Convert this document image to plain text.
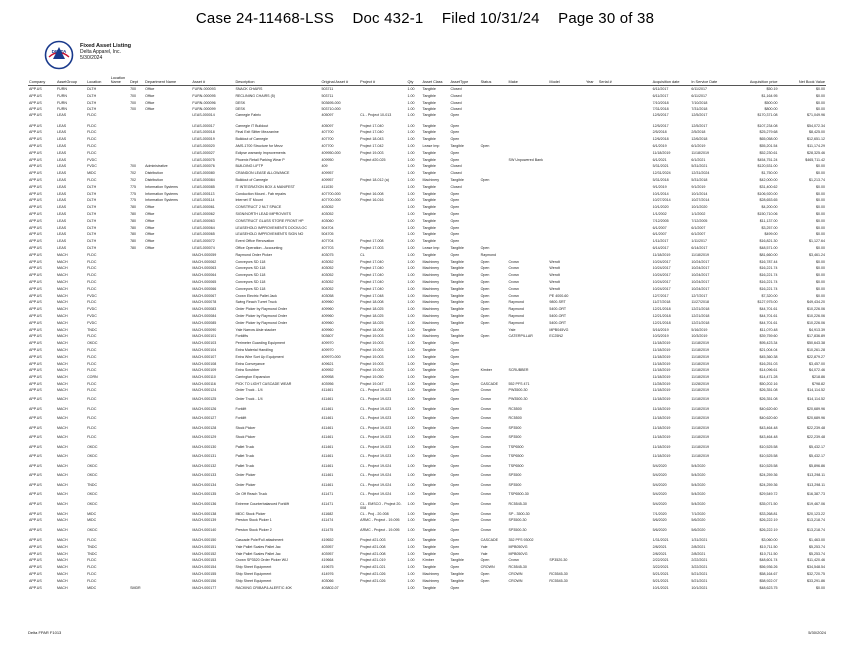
Case 24-11468-LSS Doc 432-1 Filed 10/31/24 Page 30 of 38
DELTA
Fixed Asset Listing
Delta Apparel, Inc.
5/30/2024
Company	AssetGroup	Location	Location Name	Dept	Department Name	Asset #	Description	Original Asset #	Project #	Qty	Asset Class	AssetType	Status	Make	Model	Year	Serial #	Acquisition date	In Service Date	Acquisition price	Net Book Value
APP.US	FURN	DLTH		700	Office	FURN-000093	SNACK CHAIRS	503711		1.00	Tangible	Closed						6/11/2017	6/11/2017	$50.19	$0.00
APP.US	FURN	DLTH		700	Office	FURN-000095	RECLINING CHAIRS (5)	503711		1.00	Tangible	Closed						6/11/2017	6/11/2017	$1,164.95	$0.00
APP.US	FURN	DLTH		700	Office	FURN-000096	DESK	503695-000		1.00	Tangible	Closed						7/10/2018	7/10/2018	$500.00	$0.00
APP.US	FURN	DLTH		700	Office	FURN-000099	DESK	503710-000		1.00	Tangible	Closed						7/31/2018	7/31/2018	$800.00	$0.00
APP.US	LEAS	FLDC				LEAS-000014	Carnegie Fabric	405097	CL - Project 10-013	1.00	Tangible	Open						12/5/2017	12/5/2017	$170,371.08	$71,049.96
APP.US	LEAS	FLDC				LEAS-000017	Carnegie IT Buildout	405097	Project 17-040	1.00	Tangible	Open						12/5/2017	12/5/2017	$107,234.08	$54,072.34
APP.US	LEAS	FLDC				LEAS-000018	Final Exit Slitter Mezzanine	407700	Project 17-040	1.00	Tangible	Open						2/5/2018	2/5/2018	$25,279.68	$8,425.00
APP.US	LEAS	FLDC				LEAS-000019	Buildout of Carnegie	407700	Project 18-043	1.00	Tangible	Open						12/6/2018	12/6/2018	$65,058.00	$12,651.12
APP.US	LEAS	FLDC				LEAS-000020	AMS-1700 Structure for Mezz	407700	Project 17-042	1.00	Lease Imp	Tangible	Open					6/1/2019	6/1/2019	$55,201.54	$11,174.29
APP.US	LEAS	FLDC				LEAS-000027	Eclipse warranty Improvements	409950-000	Project 19-003	1.00	Tangible	Open						11/18/2019	11/18/2019	$52,230.61	$28,325.46
APP.US	LEAS	FVDC				LEAS-000075	Phoenix Retail Parking Wear P	409950	Project #20-025	1.00	Tangible	Open		SW Unpowered Bank				6/1/2021	6/1/2021	$454,751.24	$465,711.42
APP.US	LEAS	FVDC		700	Administrative	LEAS-000076	BUILDING LIFTP	409		1.00	Tangible	Closed						5/31/2021	5/31/2021	$120,531.00	$0.00
APP.US	LEAS	MIDC		702	Distribution	LEAS-000080	CRANDON LEASE ALLOWANCE	409957		1.00	Tangible	Closed						12/31/2024	12/31/2024	$1,750.00	$0.00
APP.US	LEAS	FLDC		702	Distribution	LEAS-000084	Buildout of Carnegie	409957	Project 18-012 (a)	1.00	Machinery	Tangible	Open					5/31/2018	5/31/2018	$42,000.00	$1,213.74
APP.US	LEAS	DLTH		775	Information Systems	LEAS-000085	IT INTEGRATION BOX & MANIFEST	411030		1.00	Tangible	Closed						9/1/2019	9/1/2019	$31,400.62	$0.00
APP.US	LEAS	DLTH		775	Information Systems	LEAS-000113	Conduction Mount - Fab repairs	407700-000	Project 16-008	1.00	Tangible	Open						10/1/2014	10/1/2014	$106,920.00	$0.00
APP.US	LEAS	DLTH		775	Information Systems	LEAS-000114	Internet IT Mount	407700-000	Project 16-016	1.00	Tangible	Open						10/27/2014	10/27/2014	$28,653.65	$0.00
APP.US	LEAS	DLTH		780	Office	LEAS-000061	CONSTRUCT 2 NLT SPACE	403052		1.00	Tangible	Open						10/1/2020	10/1/2020	$4,200.00	$0.00
APP.US	LEAS	DLTH		780	Office	LEAS-000062	SIGN/NORTH LEAD IMPROVMTS	403052		1.00	Tangible	Open						1/1/2002	1/1/2002	$150,710.06	$0.00
APP.US	LEAS	DLTH		780	Office	LEAS-000063	CONSTRUCT GLASS STORE FRONT HP	403060		1.00	Tangible	Open						7/12/2005	7/12/2005	$11,137.00	$0.00
APP.US	LEAS	DLTH		780	Office	LEAS-000064	LEASEHOLD IMPROVEMENTS DOCK/LOC	504704		1.00	Tangible	Open						6/1/2007	6/1/2007	$3,257.00	$0.00
APP.US	LEAS	DLTH		780	Office	LEAS-000065	LEASEHOLD IMPROVEMENTS SIGN NO	504705		1.00	Tangible	Open						6/1/2007	6/1/2007	$499.00	$0.00
APP.US	LEAS	DLTH		780	Office	LEAS-000072	Event Office Renovation	407704	Project 17-008	1.00	Tangible	Open						1/11/2017	1/11/2017	$16,821.30	$1,127.64
APP.US	LEAS	DLTH		780	Office	LEAS-000074	Office Operation - Accounting	407703	Project 17-003	1.00	Lease Imp	Tangible	Open					6/14/2017	6/14/2017	$48,571.00	$0.00
APP.US	MACH	FLDC				MACH-000059	Raymond Order Picker	403075	CL	1.00	Tangible	Open	Raymond					11/18/2019	11/18/2019	$81,660.00	$3,461.24
APP.US	MACH	FLDC				MACH-000062	Conveyors SD 118	403052	Project 17-040	1.00	Machinery	Tangible	Open	Crown	Wendt			10/24/2017	10/24/2017	$16,787.44	$0.00
APP.US	MACH	FLDC				MACH-000063	Conveyors SD 118	403052	Project 17-040	1.00	Machinery	Tangible	Open	Crown	Wendt			10/24/2017	10/24/2017	$16,221.74	$0.00
APP.US	MACH	FLDC				MACH-000064	Conveyors SD 118	403052	Project 17-040	1.00	Machinery	Tangible	Open	Crown	Wendt			10/24/2017	10/24/2017	$16,221.74	$0.00
APP.US	MACH	FLDC				MACH-000065	Conveyors SD 118	403052	Project 17-040	1.00	Machinery	Tangible	Open	Crown	Wendt			10/24/2017	10/24/2017	$16,221.74	$0.00
APP.US	MACH	FLDC				MACH-000066	Conveyors SD 118	403052	Project 17-040	1.00	Machinery	Tangible	Open	Crown	Wendt			10/24/2017	10/24/2017	$16,221.74	$0.00
APP.US	MACH	FVDC				MACH-000067	Crown Electric Pallet Jack	403058	Project 17-048	1.00	Machinery	Tangible	Open	Crown	PE 4000-60			12/7/2017	12/7/2017	$7,320.00	$0.00
APP.US	MACH	FLDC				MACH-000078	Swing Reach Turret Truck	409960	Project 18-008	1.00	Machinery	Tangible	Open	Raymond	9800-SRT			11/27/2018	11/27/2018	$127,975.00	$49,434.20
APP.US	MACH	FVDC				MACH-000083	Order Picker by Raymond Order	409960	Project 18-025	1.00	Machinery	Tangible	Open	Raymond	5400-ORT			12/21/2018	12/21/2018	$44,701.61	$10,226.06
APP.US	MACH	FVDC				MACH-000084	Order Picker by Raymond Order	409960	Project 18-025	1.00	Machinery	Tangible	Open	Raymond	5400-ORT			12/21/2018	12/21/2018	$44,701.61	$10,226.06
APP.US	MACH	FVDC				MACH-000085	Order Picker by Raymond Order	409960	Project 18-025	1.00	Machinery	Tangible	Open	Raymond	5400-ORT			12/21/2018	12/21/2018	$44,701.61	$10,226.06
APP.US	MACH	TNDC				MACH-000090	Yale Narrow Aisle stacker	409960	Project 18-008	1.00	Tangible	Open		Yale	MPB045VG			5/16/2019	5/16/2019	$11,070.48	$4,913.39
APP.US	MACH	FLDC				MACH-000101	Forklifts	503607	Project 19-003	1.00	Machinery	Tangible	Open	CATERPILLAR	EC25N2			10/3/2019	10/3/2019	$39,759.60	$17,836.89
APP.US	MACH	OKDC				MACH-000103	Perimeter Guarding Equipment	409970	Project 19-003	1.00	Tangible	Open						11/18/2019	11/18/2019	$95,423.34	$50,643.38
APP.US	MACH	FLDC				MACH-000104	Extra Material Handling	409970	Project 19-003	1.00	Tangible	Open						11/18/2019	11/18/2019	$21,004.04	$10,261.28
APP.US	MACH	FLDC				MACH-000107	Extra Wire Sort Up Equipment	409970-000	Project 19-003	1.00	Tangible	Open						11/18/2019	11/18/2019	$45,360.38	$22,879.27
APP.US	MACH	FLDC				MACH-000108	Extra Conveyance	409621	Project 19-003	1.00	Tangible	Open						11/18/2019	11/18/2019	$16,251.03	$3,457.00
APP.US	MACH	FLDC				MACH-000109	Extra Scrubber	409952	Project 19-003	1.00	Tangible	Open	Kimber	SCRUBBER				11/18/2019	11/18/2019	$14,096.61	$4,072.46
APP.US	MACH	CORN				MACH-000110	Carrington Expansion	409958	Project 19-050	1.00	Tangible	Open						11/18/2019	11/18/2019	$14,471.28	$218.86
APP.US	MACH	FLDC				MACH-000116	PICK TO LIGHT CASCADE WEAR	403956	Project 19-047	1.00	Tangible	Open	CASCADE	552 PFS 471				11/28/2019	11/28/2019	$50,202.16	$798.82
APP.US	MACH	FLDC				MACH-000124	Order Truck - 1/4	411461	CL - Project 19-023	1.00	Tangible	Open	Crown	PW3500-30				11/18/2019	11/18/2019	$26,351.08	$14,114.52
APP.US	MACH	FLDC				MACH-000125	Order Truck - 1/4	411461	CL - Project 19-023	1.00	Tangible	Open	Crown	PW3500-30				11/18/2019	11/18/2019	$26,351.08	$14,114.52
APP.US	MACH	FLDC				MACH-000126	Forklift	411461	CL - Project 19-023	1.00	Tangible	Open	Crown	RC5500				11/18/2019	11/18/2019	$40,620.60	$20,689.96
APP.US	MACH	FLDC				MACH-000127	Forklift	411461	CL - Project 19-023	1.00	Tangible	Open	Crown	RC5500				11/18/2019	11/18/2019	$40,620.60	$20,689.96
APP.US	MACH	FLDC				MACH-000128	Stock Picker	411461	CL - Project 19-023	1.00	Tangible	Open	Crown	SP3500				11/18/2019	11/18/2019	$43,464.48	$22,239.48
APP.US	MACH	FLDC				MACH-000129	Stock Picker	411461	CL - Project 19-023	1.00	Tangible	Open	Crown	SP3500				11/18/2019	11/18/2019	$43,464.48	$22,239.48
APP.US	MACH	OKDC				MACH-000130	Pallet Truck	411461	CL - Project 19-023	1.00	Tangible	Open	Crown	TSP6500				11/18/2019	11/18/2019	$10,525.58	$5,432.17
APP.US	MACH	OKDC				MACH-000131	Pallet Truck	411461	CL - Project 19-023	1.00	Tangible	Open	Crown	TSP6500				11/18/2019	11/18/2019	$10,525.58	$5,432.17
APP.US	MACH	OKDC				MACH-000132	Pallet Truck	411461	CL - Project 19-024	1.00	Tangible	Open	Crown	TSP6500				5/4/2020	5/4/2020	$10,525.58	$5,896.86
APP.US	MACH	OKDC				MACH-000133	Order Picker	411461	CL - Project 19-024	1.00	Tangible	Open	Crown	SP3500				5/4/2020	5/4/2020	$24,259.36	$13,298.11
APP.US	MACH	TNDC				MACH-000134	Order Picker	411461	CL - Project 19-024	1.00	Tangible	Open	Crown	SP3500				5/4/2020	5/4/2020	$24,259.36	$13,298.11
APP.US	MACH	OKDC				MACH-000135	On Off Reach Truck	411471	CL - Project 19-024	1.00	Tangible	Open	Crown	TSP6500-30				5/4/2020	5/4/2020	$29,549.72	$16,387.73
APP.US	MACH	OKDC				MACH-000136	Extreme Counterbalanced Forklift	411471	CL - EMSCO - Project 20-008	1.00	Tangible	Open	Crown	RC5545-30				5/4/2020	5/4/2020	$35,071.50	$19,467.06
APP.US	MACH	MIDC				MACH-000138	MIDC Stock Picker	411682	CL - Proj - 20-008	1.00	Tangible	Open	Crown	SP - 3500-30				7/1/2020	7/1/2020	$33,268.81	$20,123.22
APP.US	MACH	MIDC				MACH-000139	Preston Stock Picker 1	411474	ARMC - Project - 19-095	1.00	Tangible	Open	Crown	SP3500-30				5/6/2020	5/6/2020	$26,222.19	$13,218.74
APP.US	MACH	OKDC				MACH-000140	Preston Stock Picker 2	411475	ARMC - Project - 19-095	1.00	Tangible	Open	Crown	SP3500-30				5/6/2020	5/6/2020	$26,222.19	$13,218.74
APP.US	MACH	FLDC				MACH-000150	Cascade Pole/Full attachment	419652	Project #21-003	1.00	Tangible	Open	CASCADE	352 PFS 93002				1/31/2021	1/31/2021	$3,060.00	$1,463.00
APP.US	MACH	TNDC				MACH-000151	Yale Pallet Scales Pallet Jac	403957	Project #21-008	1.00	Tangible	Open	Yale	MPB050VG				2/8/2021	2/8/2021	$10,711.50	$5,253.74
APP.US	MACH	TNDC				MACH-000152	Yale Pallet Scales Pallet Jac	403957	Project #21-008	1.00	Tangible	Open	Yale	MPB050VG				2/8/2021	2/8/2021	$10,711.50	$5,253.74
APP.US	MACH	FLDC				MACH-000153	Crown SP3520 Order Picker WIJ	419664	Project #21-019	1.00	Kimber	Tangible	Open	Crown	SP3520-30			2/22/2021	2/22/2021	$48,601.74	$11,420.46
APP.US	MACH	FLDC				MACH-000154	Ship Sheet Equipment	419675	Project #21-021	1.00	Tangible	Open	CROWN	RC5545-30				3/22/2021	3/22/2021	$56,936.26	$34,548.54
APP.US	MACH	FLDC				MACH-000155	Ship Sheet Equipment	414976	Project #21-026	1.00	Machinery	Tangible	Open	CROWN	RC5545-30			5/21/2021	5/21/2021	$58,164.67	$32,720.75
APP.US	MACH	FLDC				MACH-000156	Ship Sheet Equipment	403066	Project #21-026	1.00	Machinery	Tangible	Open	CROWN	RC5545-30			5/21/2021	5/21/2021	$58,922.07	$33,291.86
APP.US	MACH	MIDC		SMDR		MACH-000177	RACKING CRIBAP& ALERT/C 40K	403802-07		1.00	Tangible	Open						10/1/2021	10/1/2021	$48,623.75	$0.00
Delta FPAR F1013	5/30/2024
